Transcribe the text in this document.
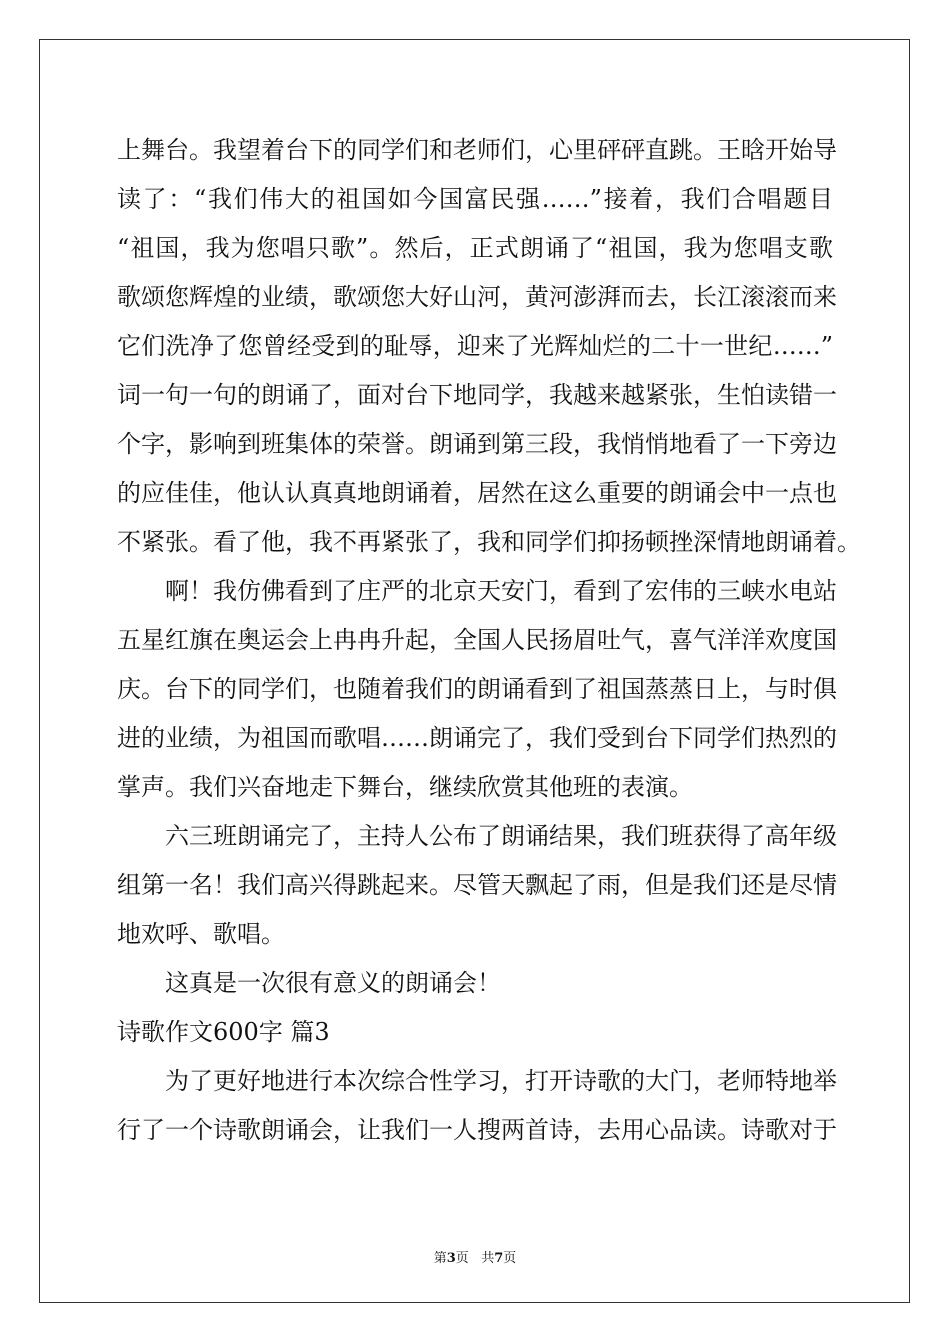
上舞台。我望着台下的同学们和老师们，心里砰砰直跳。王晗开始导
读了：“我们伟大的祖国如今国富民强……”接着，我们合唱题目
“祖国，我为您唱只歌”。然后，正式朗诵了“祖国，我为您唱支歌
歌颂您辉煌的业绩，歌颂您大好山河，黄河澎湃而去，长江滚滚而来
它们洗净了您曾经受到的耻辱，迎来了光辉灿烂的二十一世纪……”
词一句一句的朗诵了，面对台下地同学，我越来越紧张，生怕读错一
个字，影响到班集体的荣誉。朗诵到第三段，我悄悄地看了一下旁边
的应佳佳，他认认真真地朗诵着，居然在这么重要的朗诵会中一点也
不紧张。看了他，我不再紧张了，我和同学们抑扬顿挫深情地朗诵着。
啊！我仿佛看到了庄严的北京天安门，看到了宏伟的三峡水电站
五星红旗在奥运会上冉冉升起，全国人民扬眉吐气，喜气洋洋欢度国
庆。台下的同学们，也随着我们的朗诵看到了祖国蒸蒸日上，与时俱
进的业绩，为祖国而歌唱……朗诵完了，我们受到台下同学们热烈的
掌声。我们兴奋地走下舞台，继续欣赏其他班的表演。
六三班朗诵完了，主持人公布了朗诵结果，我们班获得了高年级
组第一名！我们高兴得跳起来。尽管天飘起了雨，但是我们还是尽情
地欢呼、歌唱。
这真是一次很有意义的朗诵会！
诗歌作文600字 篇3
为了更好地进行本次综合性学习，打开诗歌的大门，老师特地举
行了一个诗歌朗诵会，让我们一人搜两首诗，去用心品读。诗歌对于
第3页   共7页
